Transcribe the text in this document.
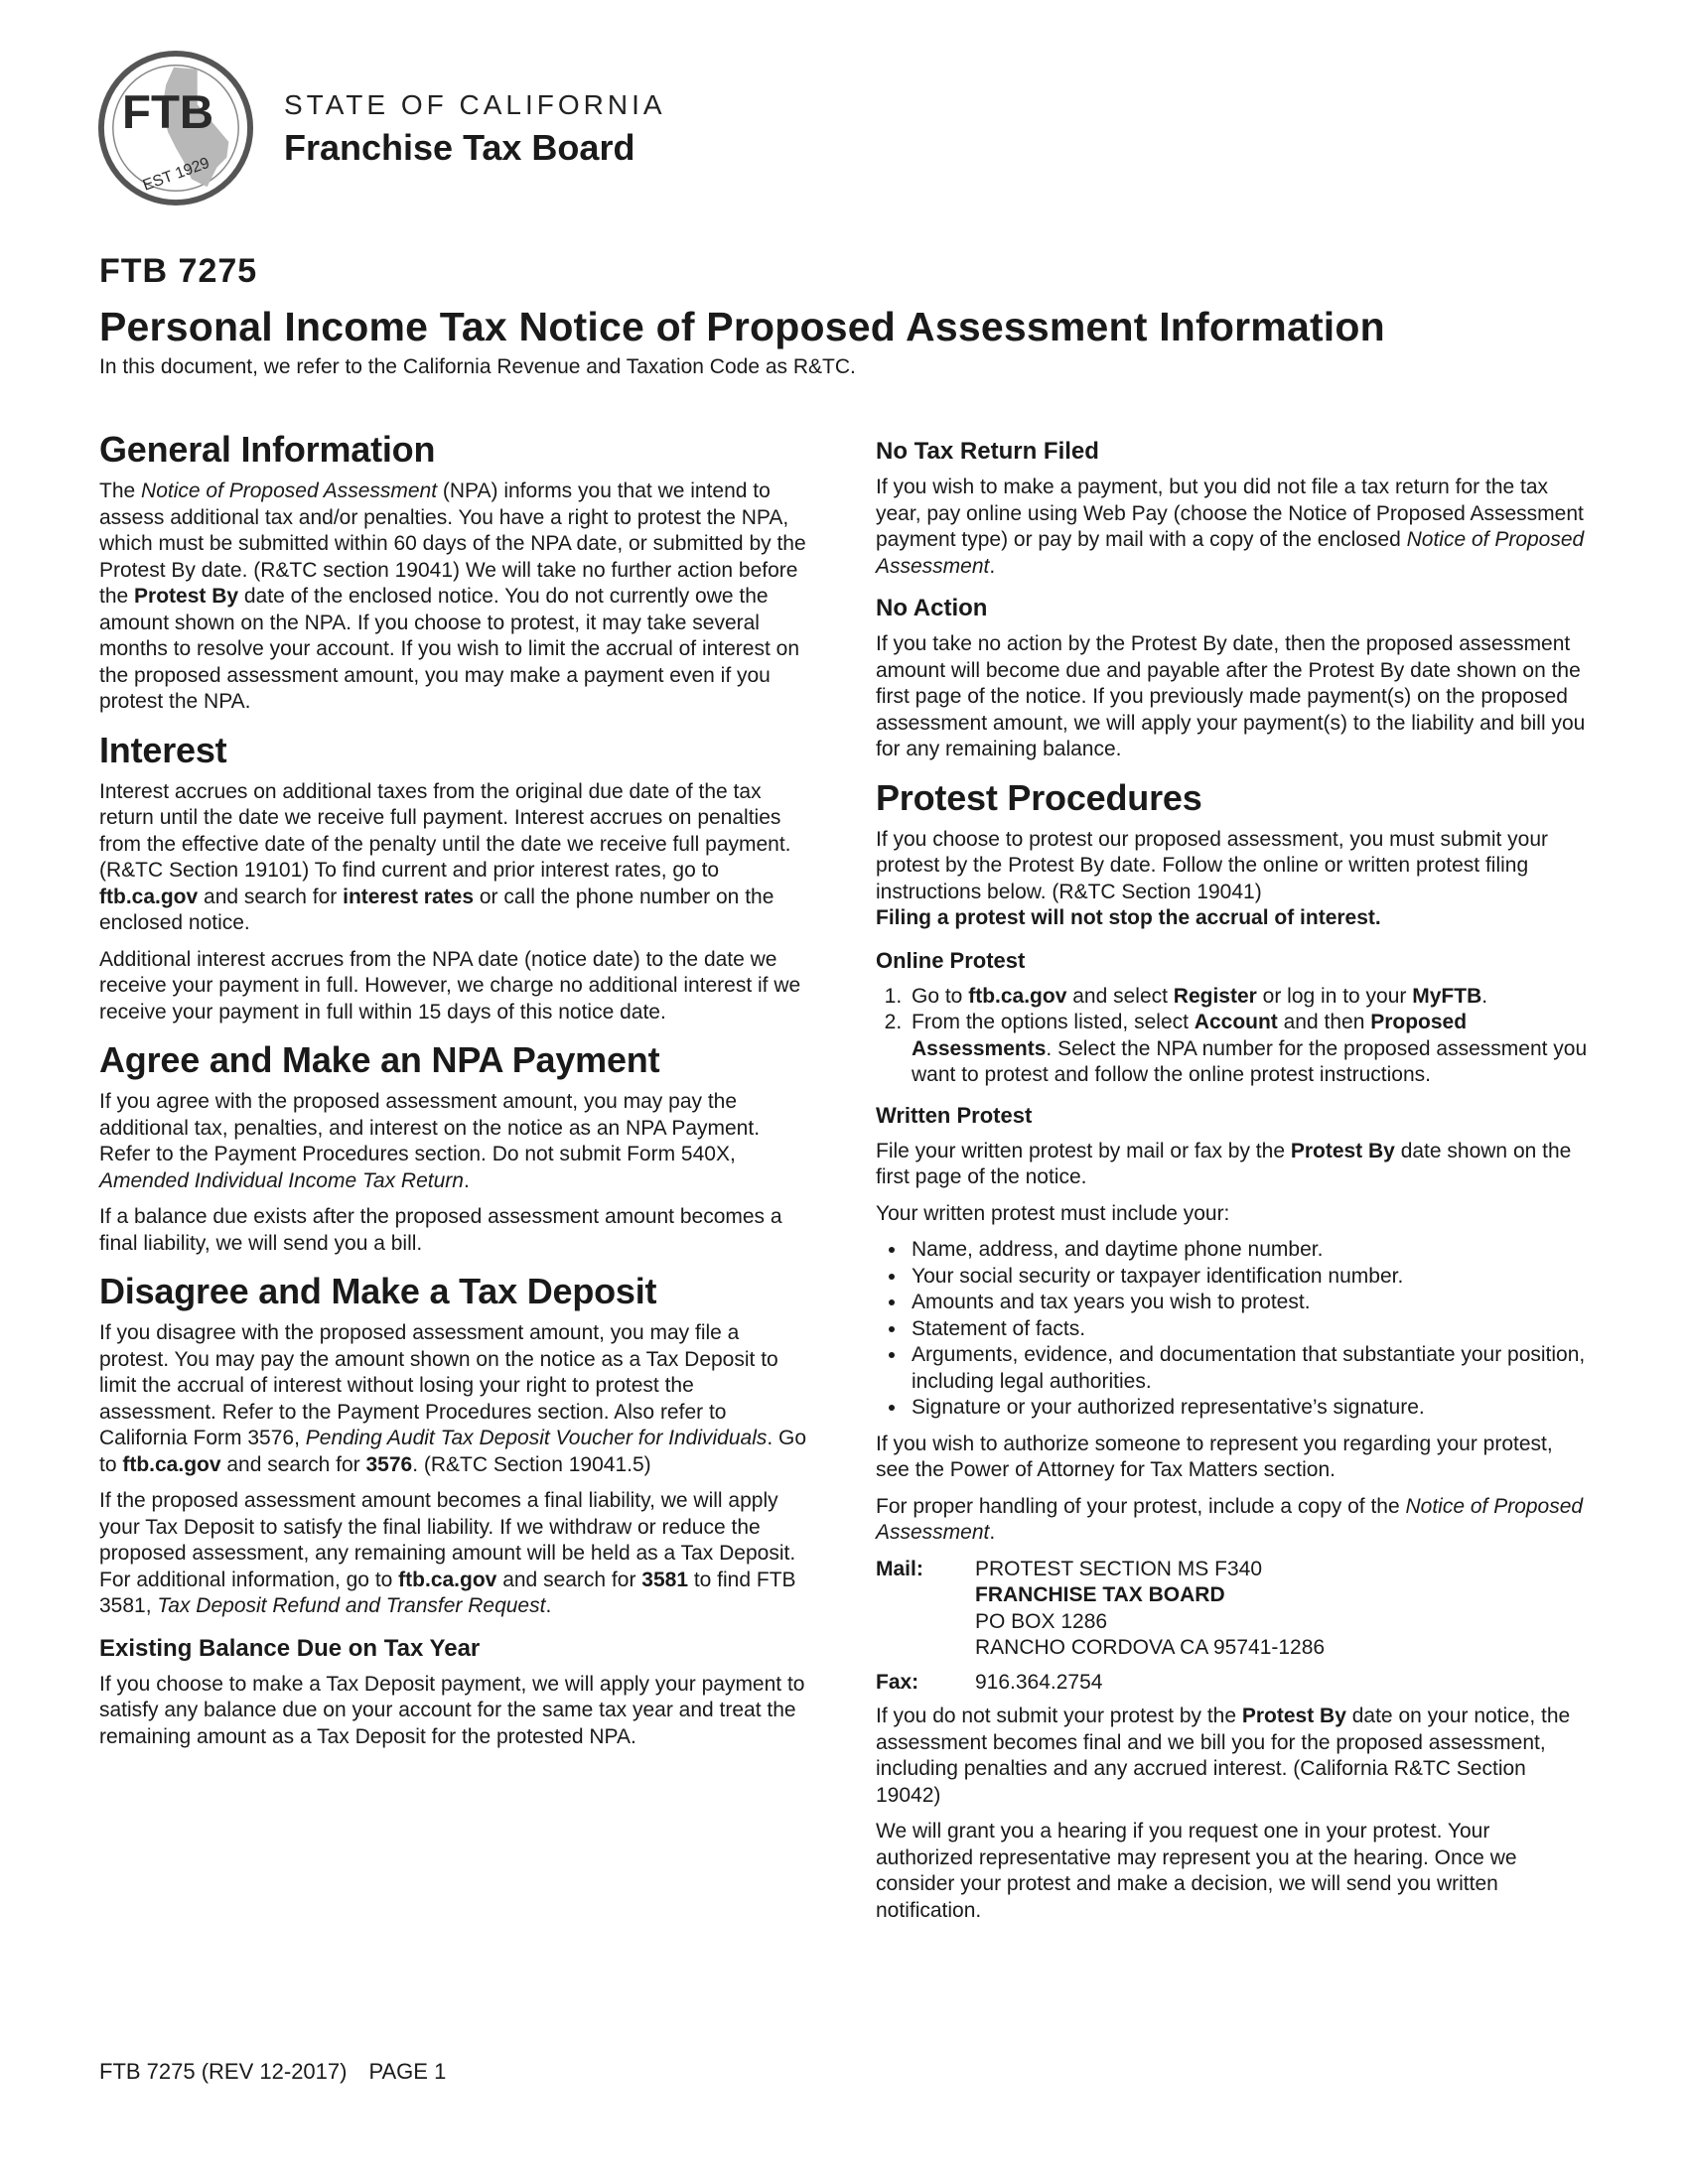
FTB
EST 1929
STATE OF CALIFORNIA
Franchise Tax Board
FTB 7275
Personal Income Tax Notice of Proposed Assessment Information
In this document, we refer to the California Revenue and Taxation Code as R&TC.
General Information

The Notice of Proposed Assessment (NPA) informs you that we intend to assess additional tax and/or penalties. You have a right to protest the NPA, which must be submitted within 60 days of the NPA date, or submitted by the Protest By date. (R&TC section 19041) We will take no further action before the Protest By date of the enclosed notice. You do not currently owe the amount shown on the NPA. If you choose to protest, it may take several months to resolve your account. If you wish to limit the accrual of interest on the proposed assessment amount, you may make a payment even if you protest the NPA.

Interest

Interest accrues on additional taxes from the original due date of the tax return until the date we receive full payment. Interest accrues on penalties from the effective date of the penalty until the date we receive full payment. (R&TC Section 19101) To find current and prior interest rates, go to ftb.ca.gov and search for interest rates or call the phone number on the enclosed notice.

Additional interest accrues from the NPA date (notice date) to the date we receive your payment in full. However, we charge no additional interest if we receive your payment in full within 15 days of this notice date.

Agree and Make an NPA Payment

If you agree with the proposed assessment amount, you may pay the additional tax, penalties, and interest on the notice as an NPA Payment. Refer to the Payment Procedures section. Do not submit Form 540X, Amended Individual Income Tax Return.

If a balance due exists after the proposed assessment amount becomes a final liability, we will send you a bill.

Disagree and Make a Tax Deposit

If you disagree with the proposed assessment amount, you may file a protest. You may pay the amount shown on the notice as a Tax Deposit to limit the accrual of interest without losing your right to protest the assessment. Refer to the Payment Procedures section. Also refer to California Form 3576, Pending Audit Tax Deposit Voucher for Individuals. Go to ftb.ca.gov and search for 3576. (R&TC Section 19041.5)

If the proposed assessment amount becomes a final liability, we will apply your Tax Deposit to satisfy the final liability. If we withdraw or reduce the proposed assessment, any remaining amount will be held as a Tax Deposit. For additional information, go to ftb.ca.gov and search for 3581 to find FTB 3581, Tax Deposit Refund and Transfer Request.

Existing Balance Due on Tax Year

If you choose to make a Tax Deposit payment, we will apply your payment to satisfy any balance due on your account for the same tax year and treat the remaining amount as a Tax Deposit for the protested NPA.

No Tax Return Filed

If you wish to make a payment, but you did not file a tax return for the tax year, pay online using Web Pay (choose the Notice of Proposed Assessment payment type) or pay by mail with a copy of the enclosed Notice of Proposed Assessment.

No Action

If you take no action by the Protest By date, then the proposed assessment amount will become due and payable after the Protest By date shown on the first page of the notice. If you previously made payment(s) on the proposed assessment amount, we will apply your payment(s) to the liability and bill you for any remaining balance.

Protest Procedures

If you choose to protest our proposed assessment, you must submit your protest by the Protest By date. Follow the online or written protest filing instructions below. (R&TC Section 19041)
Filing a protest will not stop the accrual of interest.

Online Protest
1. Go to ftb.ca.gov and select Register or log in to your MyFTB.
2. From the options listed, select Account and then Proposed Assessments. Select the NPA number for the proposed assessment you want to protest and follow the online protest instructions.
Written Protest

File your written protest by mail or fax by the Protest By date shown on the first page of the notice.

Your written protest must include your:

• Name, address, and daytime phone number.
• Your social security or taxpayer identification number.
• Amounts and tax years you wish to protest.
• Statement of facts.
• Arguments, evidence, and documentation that substantiate your position, including legal authorities.
• Signature or your authorized representative’s signature.

If you wish to authorize someone to represent you regarding your protest, see the Power of Attorney for Tax Matters section.

For proper handling of your protest, include a copy of the Notice of Proposed Assessment.

Mail:	PROTEST SECTION MS F340
FRANCHISE TAX BOARD
PO BOX 1286
RANCHO CORDOVA CA 95741-1286
Fax:	916.364.2754

If you do not submit your protest by the Protest By date on your notice, the assessment becomes final and we bill you for the proposed assessment, including penalties and any accrued interest. (California R&TC Section 19042)

We will grant you a hearing if you request one in your protest. Your authorized representative may represent you at the hearing. Once we consider your protest and make a decision, we will send you written notification.

FTB 7275 (REV 12-2017) PAGE 1
